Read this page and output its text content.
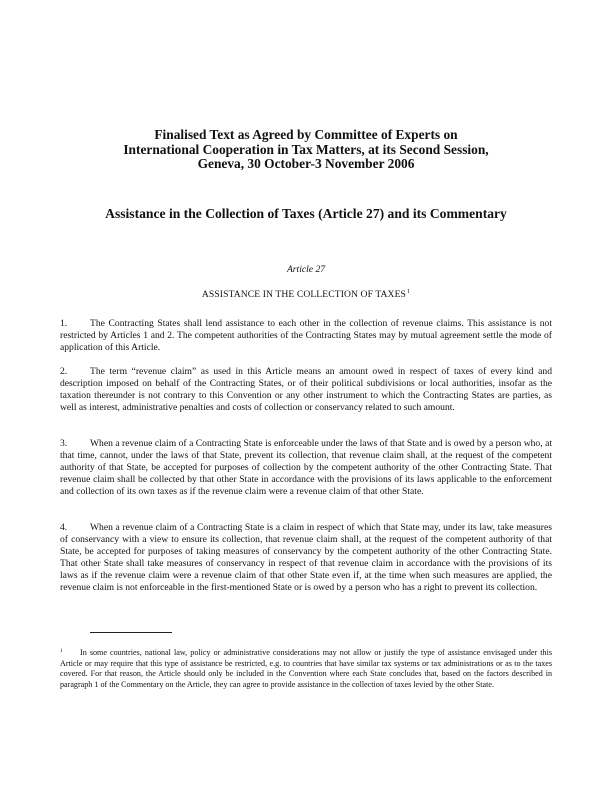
Finalised Text as Agreed by Committee of Experts on
International Cooperation in Tax Matters, at its Second Session,
Geneva, 30 October-3 November 2006
Assistance in the Collection of Taxes (Article 27) and its Commentary
Article 27
ASSISTANCE IN THE COLLECTION OF TAXES$^1$
1. The Contracting States shall lend assistance to each other in the collection of revenue claims. This assistance is not restricted by Articles 1 and 2. The competent authorities of the Contracting States may by mutual agreement settle the mode of application of this Article.
2. The term “revenue claim” as used in this Article means an amount owed in respect of taxes of every kind and description imposed on behalf of the Contracting States, or of their political subdivisions or local authorities, insofar as the taxation thereunder is not contrary to this Convention or any other instrument to which the Contracting States are parties, as well as interest, administrative penalties and costs of collection or conservancy related to such amount.
3. When a revenue claim of a Contracting State is enforceable under the laws of that State and is owed by a person who, at that time, cannot, under the laws of that State, prevent its collection, that revenue claim shall, at the request of the competent authority of that State, be accepted for purposes of collection by the competent authority of the other Contracting State. That revenue claim shall be collected by that other State in accordance with the provisions of its laws applicable to the enforcement and collection of its own taxes as if the revenue claim were a revenue claim of that other State.
4. When a revenue claim of a Contracting State is a claim in respect of which that State may, under its law, take measures of conservancy with a view to ensure its collection, that revenue claim shall, at the request of the competent authority of that State, be accepted for purposes of taking measures of conservancy by the competent authority of the other Contracting State. That other State shall take measures of conservancy in respect of that revenue claim in accordance with the provisions of its laws as if the revenue claim were a revenue claim of that other State even if, at the time when such measures are applied, the revenue claim is not enforceable in the first-mentioned State or is owed by a person who has a right to prevent its collection.
$^1$ In some countries, national law, policy or administrative considerations may not allow or justify the type of assistance envisaged under this Article or may require that this type of assistance be restricted, e.g. to countries that have similar tax systems or tax administrations or as to the taxes covered. For that reason, the Article should only be included in the Convention where each State concludes that, based on the factors described in paragraph 1 of the Commentary on the Article, they can agree to provide assistance in the collection of taxes levied by the other State.
